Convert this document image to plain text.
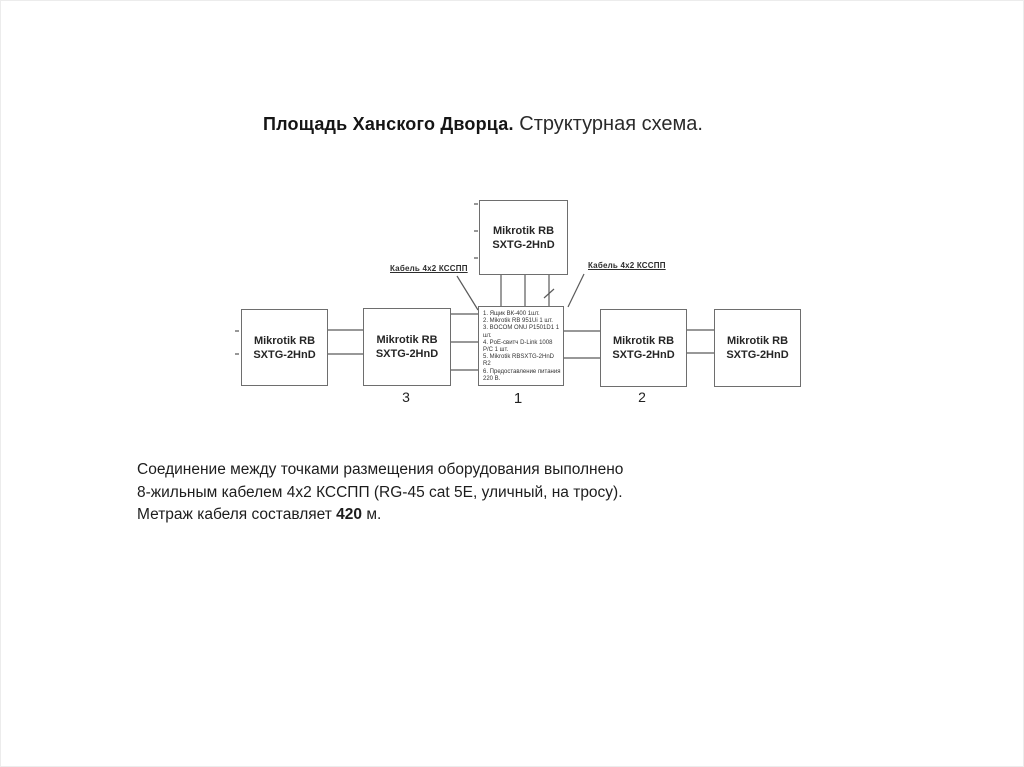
Площадь Ханского Дворца. Структурная схема.
Кабель 4х2 КССПП	Кабель 4х2 КССПП
Mikrotik RB
SXTG-2HnD
Mikrotik RB
SXTG-2HnD
Mikrotik RB
SXTG-2HnD
1. Ящик ВК-400 1шт.
2. Mikrotik RB 951Ui 1 шт.
3. BOCOM ONU P1501D1 1 шт.
4. PoE-свитч D-Link 1008 P/C 1 шт.
5. Mikrotik RBSXTG-2HnD R2
6. Предоставление питания 220 В.
Mikrotik RB
SXTG-2HnD
Mikrotik RB
SXTG-2HnD
3	1	2
Соединение между точками размещения оборудования выполнено
8-жильным кабелем 4х2 КССПП (RG-45 cat 5E, уличный, на тросу).
Метраж кабеля составляет 420 м.
